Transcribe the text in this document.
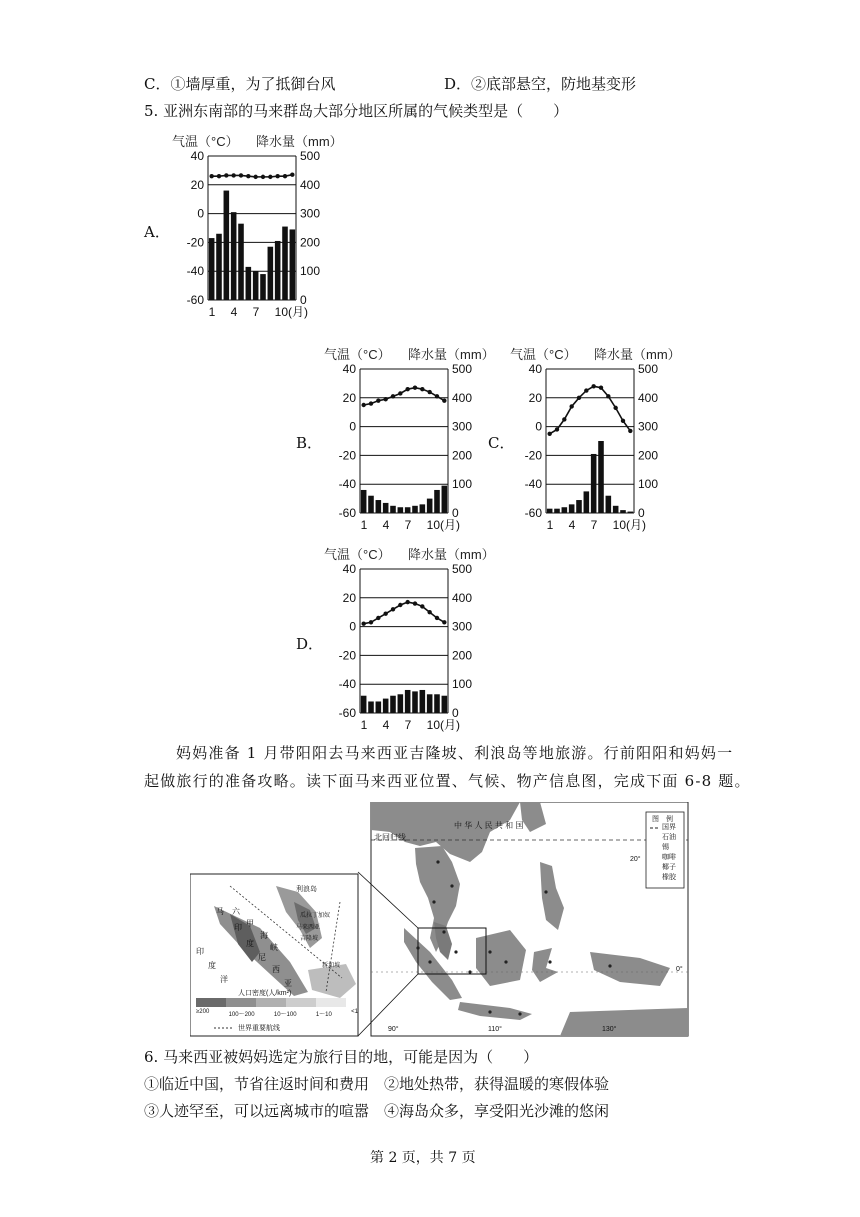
C．①墙厚重，为了抵御台风	D．②底部悬空，防地基变形
5. 亚洲东南部的马来群岛大部分地区所属的气候类型是（　　）
A．
气温（°C） 降水量（mm）
40
20
0
-20
-40
-60
500
400
300
200
100
0
1 4 7 10(月)
B．
气温（°C） 降水量（mm）
40
20
0
-20
-40
-60
500
400
300
200
100
0
1 4 7 10(月)
C．
气温（°C） 降水量（mm）
40
20
0
-20
-40
-60
500
400
300
200
100
0
1 4 7 10(月)
D．
气温（°C） 降水量（mm）
40
20
0
-20
-40
-60
500
400
300
200
100
0
1 4 7 10(月)
妈妈准备 1 月带阳阳去马来西亚吉隆坡、利浪岛等地旅游。行前阳阳和妈妈一
起做旅行的准备攻略。读下面马来西亚位置、气候、物产信息图，完成下面 6-8 题。
中 华 人 民 共 和 国
北回归线
图　例
国界
石油
锡
咖啡
椰子
橡胶
20°
0°
90°	110°	130°
利浪岛
马 六
甲
海
峡
瓜拉丁加奴
马来西亚
吉隆坡
新加坡
印
度
尼
西
亚
印
度
洋
人口密度(人/km²)
≥200	100～200	10～100	1～10	<1
世界重要航线
6. 马来西亚被妈妈选定为旅行目的地，可能是因为（　　）
①临近中国，节省往返时间和费用　②地处热带，获得温暖的寒假体验
③人迹罕至，可以远离城市的喧嚣　④海岛众多，享受阳光沙滩的悠闲
第 2 页，共 7 页
